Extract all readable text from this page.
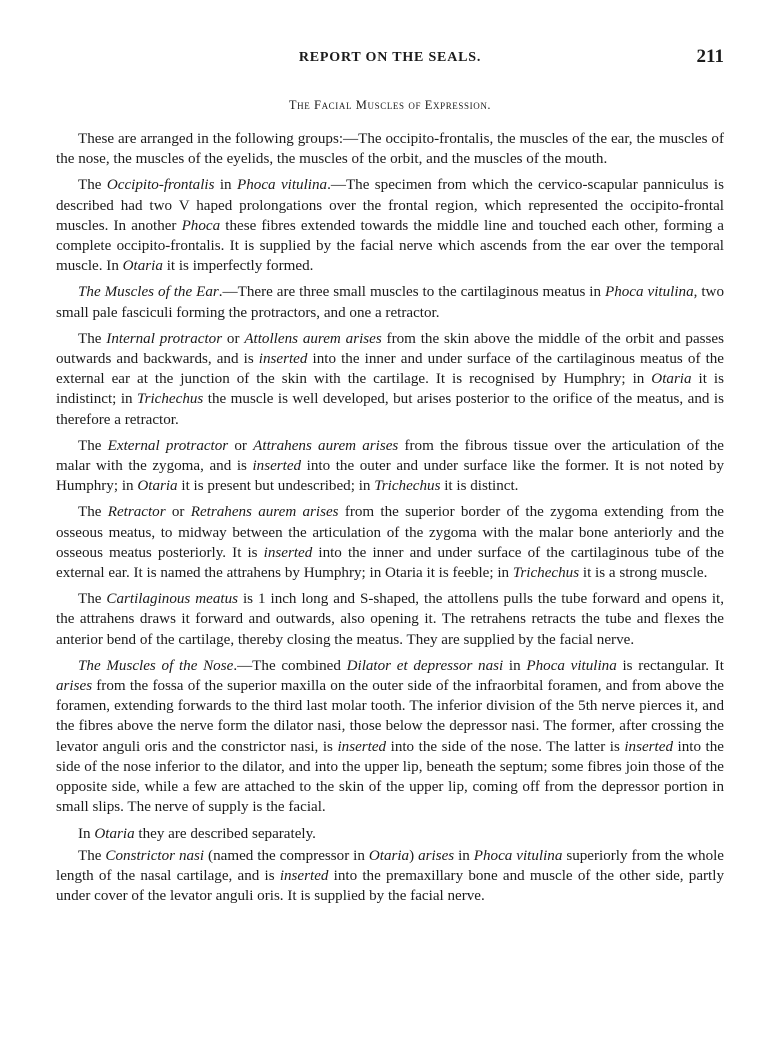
REPORT ON THE SEALS.	211
The Facial Muscles of Expression.

These are arranged in the following groups:—The occipito-frontalis, the muscles of the ear, the muscles of the nose, the muscles of the eyelids, the muscles of the orbit, and the muscles of the mouth.

The Occipito-frontalis in Phoca vitulina.—The specimen from which the cervico-scapular panniculus is described had two V haped prolongations over the frontal region, which represented the occipito-frontal muscles. In another Phoca these fibres extended towards the middle line and touched each other, forming a complete occipito-frontalis. It is supplied by the facial nerve which ascends from the ear over the temporal muscle. In Otaria it is imperfectly formed.

The Muscles of the Ear.—There are three small muscles to the cartilaginous meatus in Phoca vitulina, two small pale fasciculi forming the protractors, and one a retractor.

The Internal protractor or Attollens aurem arises from the skin above the middle of the orbit and passes outwards and backwards, and is inserted into the inner and under surface of the cartilaginous meatus of the external ear at the junction of the skin with the cartilage. It is recognised by Humphry; in Otaria it is indistinct; in Trichechus the muscle is well developed, but arises posterior to the orifice of the meatus, and is therefore a retractor.

The External protractor or Attrahens aurem arises from the fibrous tissue over the articulation of the malar with the zygoma, and is inserted into the outer and under surface like the former. It is not noted by Humphry; in Otaria it is present but undescribed; in Trichechus it is distinct.

The Retractor or Retrahens aurem arises from the superior border of the zygoma extending from the osseous meatus, to midway between the articulation of the zygoma with the malar bone anteriorly and the osseous meatus posteriorly. It is inserted into the inner and under surface of the cartilaginous tube of the external ear. It is named the attrahens by Humphry; in Otaria it is feeble; in Trichechus it is a strong muscle.

The Cartilaginous meatus is 1 inch long and S-shaped, the attollens pulls the tube forward and opens it, the attrahens draws it forward and outwards, also opening it. The retrahens retracts the tube and flexes the anterior bend of the cartilage, thereby closing the meatus. They are supplied by the facial nerve.

The Muscles of the Nose.—The combined Dilator et depressor nasi in Phoca vitulina is rectangular. It arises from the fossa of the superior maxilla on the outer side of the infraorbital foramen, and from above the foramen, extending forwards to the third last molar tooth. The inferior division of the 5th nerve pierces it, and the fibres above the nerve form the dilator nasi, those below the depressor nasi. The former, after crossing the levator anguli oris and the constrictor nasi, is inserted into the side of the nose. The latter is inserted into the side of the nose inferior to the dilator, and into the upper lip, beneath the septum; some fibres join those of the opposite side, while a few are attached to the skin of the upper lip, coming off from the depressor portion in small slips. The nerve of supply is the facial.

In Otaria they are described separately.

The Constrictor nasi (named the compressor in Otaria) arises in Phoca vitulina superiorly from the whole length of the nasal cartilage, and is inserted into the premaxillary bone and muscle of the other side, partly under cover of the levator anguli oris. It is supplied by the facial nerve.
